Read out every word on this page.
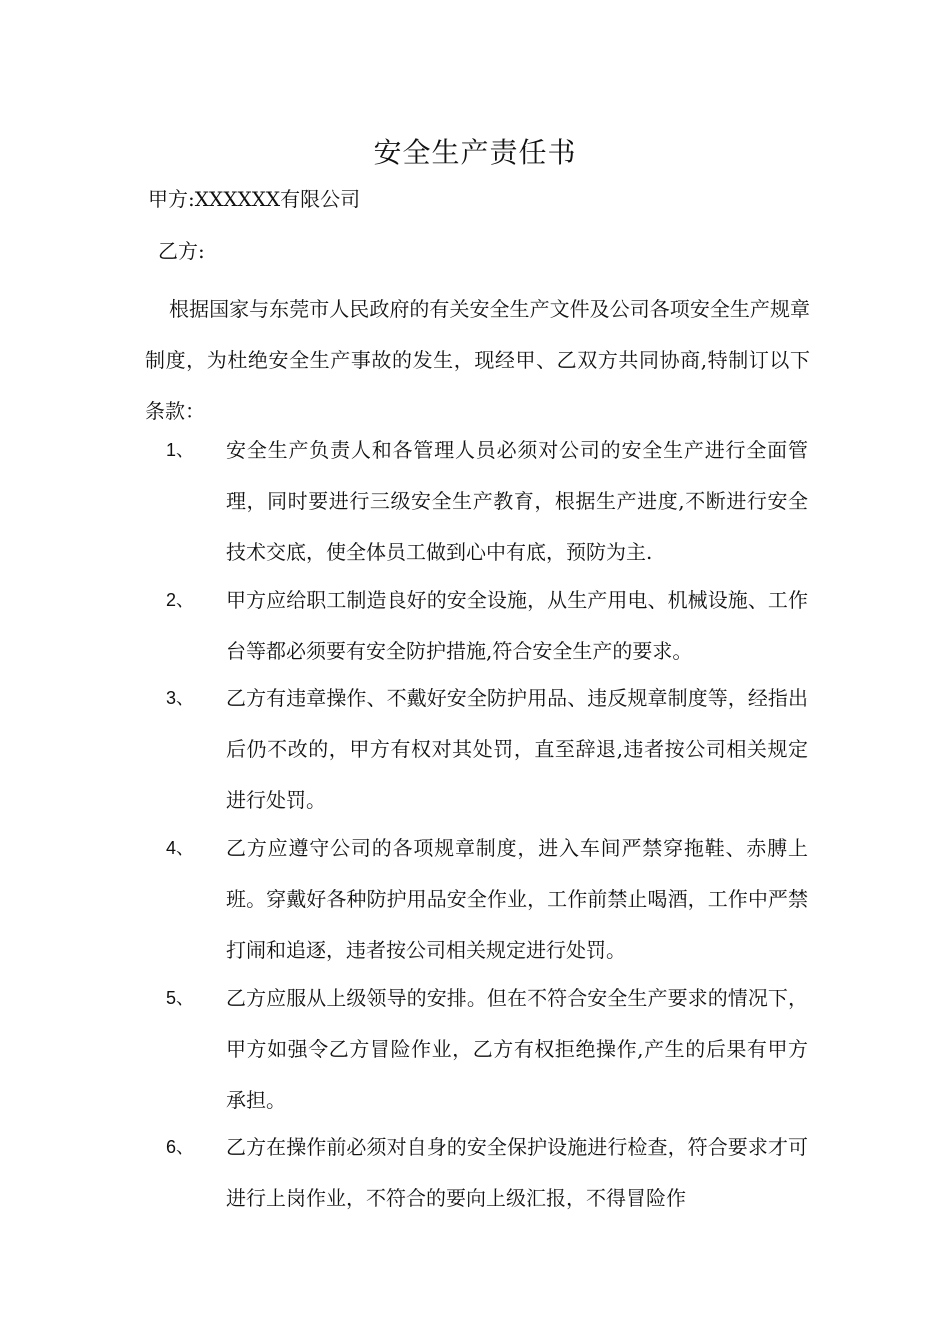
安全生产责任书
甲方:XXXXXX有限公司
乙方:
根据国家与东莞市人民政府的有关安全生产文件及公司各项安全生产规章制度，为杜绝安全生产事故的发生，现经甲、乙双方共同协商,特制订以下条款：
1、 安全生产负责人和各管理人员必须对公司的安全生产进行全面管理，同时要进行三级安全生产教育，根据生产进度,不断进行安全技术交底，使全体员工做到心中有底，预防为主.
2、 甲方应给职工制造良好的安全设施，从生产用电、机械设施、工作台等都必须要有安全防护措施,符合安全生产的要求。
3、 乙方有违章操作、不戴好安全防护用品、违反规章制度等，经指出后仍不改的，甲方有权对其处罚，直至辞退,违者按公司相关规定进行处罚。
4、 乙方应遵守公司的各项规章制度，进入车间严禁穿拖鞋、赤膊上班。穿戴好各种防护用品安全作业，工作前禁止喝酒，工作中严禁打闹和追逐，违者按公司相关规定进行处罚。
5、 乙方应服从上级领导的安排。但在不符合安全生产要求的情况下，甲方如强令乙方冒险作业，乙方有权拒绝操作,产生的后果有甲方承担。
6、 乙方在操作前必须对自身的安全保护设施进行检查，符合要求才可进行上岗作业，不符合的要向上级汇报，不得冒险作
